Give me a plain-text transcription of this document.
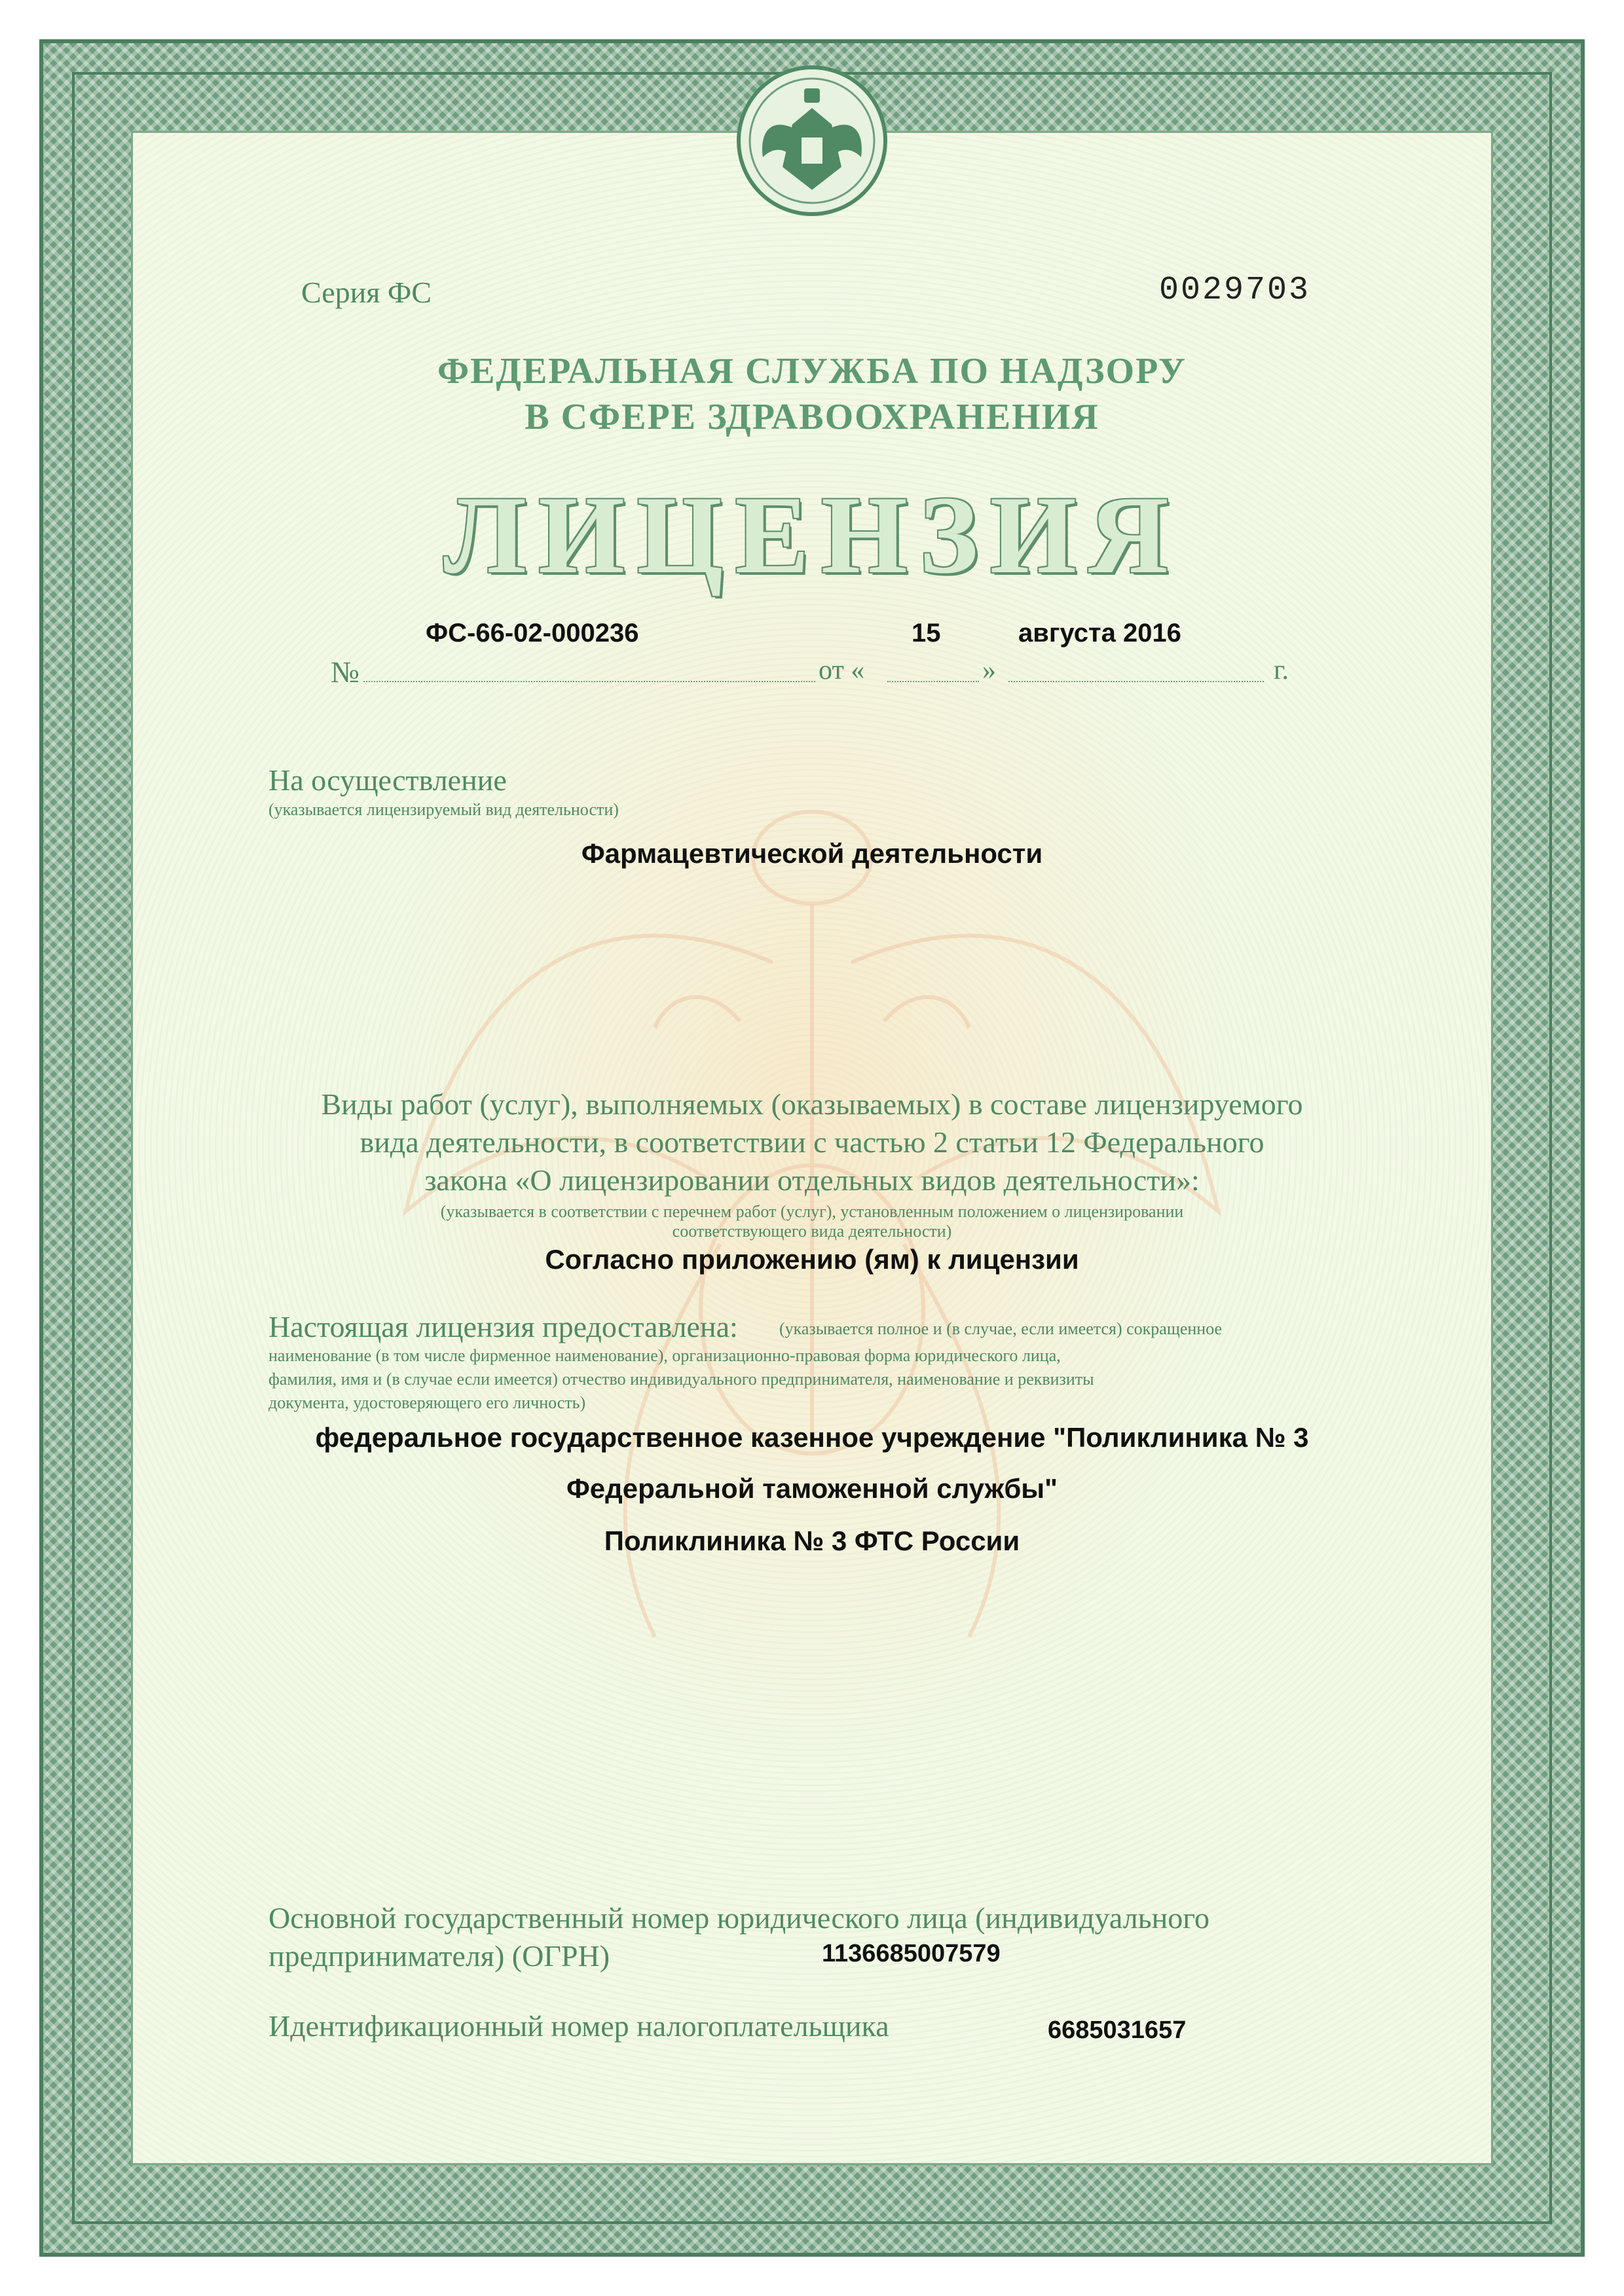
Серия ФС	0029703
ФЕДЕРАЛЬНАЯ СЛУЖБА ПО НАДЗОРУ
В СФЕРЕ ЗДРАВООХРАНЕНИЯ
ЛИЦЕНЗИЯ
№
ФС-66-02-000236
от «
15
»
августа 2016
г.
На осуществление
(указывается лицензируемый вид деятельности)
Фармацевтической деятельности
Виды работ (услуг), выполняемых (оказываемых) в составе лицензируемого
вида деятельности, в соответствии с частью 2 статьи 12 Федерального
закона «О лицензировании отдельных видов деятельности»:
(указывается в соответствии с перечнем работ (услуг), установленным положением о лицензировании
соответствующего вида деятельности)
Согласно приложению (ям) к лицензии
Настоящая лицензия предоставлена: (указывается полное и (в случае, если имеется) сокращенное
наименование (в том числе фирменное наименование), организационно-правовая форма юридического лица,
фамилия, имя и (в случае если имеется) отчество индивидуального предпринимателя, наименование и реквизиты
документа, удостоверяющего его личность)
федеральное государственное казенное учреждение "Поликлиника № 3
Федеральной таможенной службы"
Поликлиника № 3 ФТС России
Основной государственный номер юридического лица (индивидуального
предпринимателя) (ОГРН)	1136685007579
Идентификационный номер налогоплательщика	6685031657
